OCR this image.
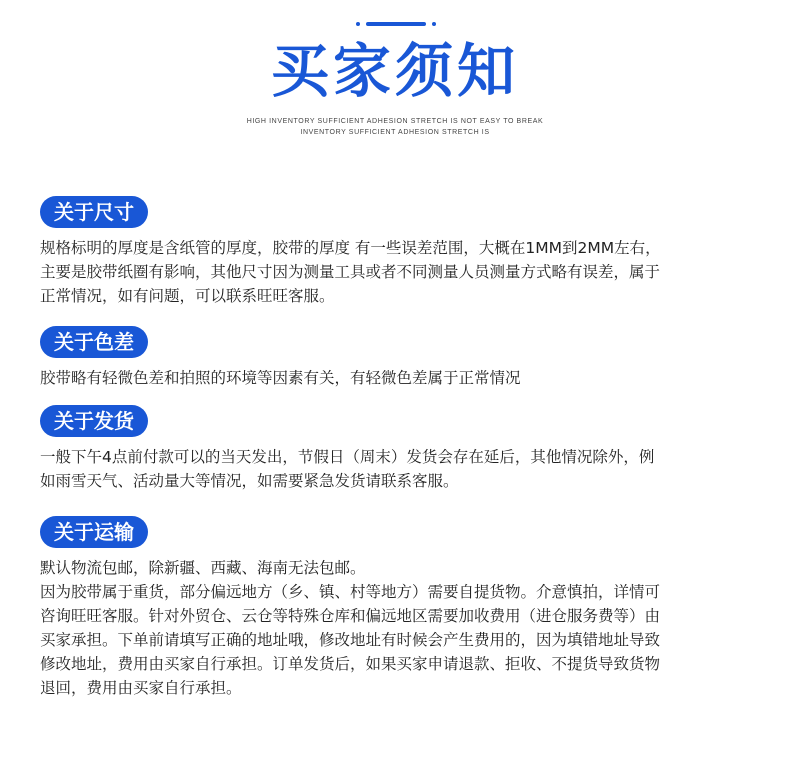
买家须知
HIGH INVENTORY SUFFICIENT ADHESION STRETCH IS NOT EASY TO BREAK
INVENTORY SUFFICIENT ADHESION STRETCH IS
关于尺寸

规格标明的厚度是含纸管的厚度，胶带的厚度 有一些误差范围，大概在1MM到2MM左右，

主要是胶带纸圈有影响，其他尺寸因为测量工具或者不同测量人员测量方式略有误差，属于

正常情况，如有问题，可以联系旺旺客服。

关于色差

胶带略有轻微色差和拍照的环境等因素有关，有轻微色差属于正常情况

关于发货

一般下午4点前付款可以的当天发出，节假日（周末）发货会存在延后，其他情况除外，例

如雨雪天气、活动量大等情况，如需要紧急发货请联系客服。

关于运输

默认物流包邮，除新疆、西藏、海南无法包邮。

因为胶带属于重货，部分偏远地方（乡、镇、村等地方）需要自提货物。介意慎拍，详情可

咨询旺旺客服。针对外贸仓、云仓等特殊仓库和偏远地区需要加收费用（进仓服务费等）由

买家承担。下单前请填写正确的地址哦，修改地址有时候会产生费用的，因为填错地址导致

修改地址，费用由买家自行承担。订单发货后，如果买家申请退款、拒收、不提货导致货物

退回，费用由买家自行承担。
